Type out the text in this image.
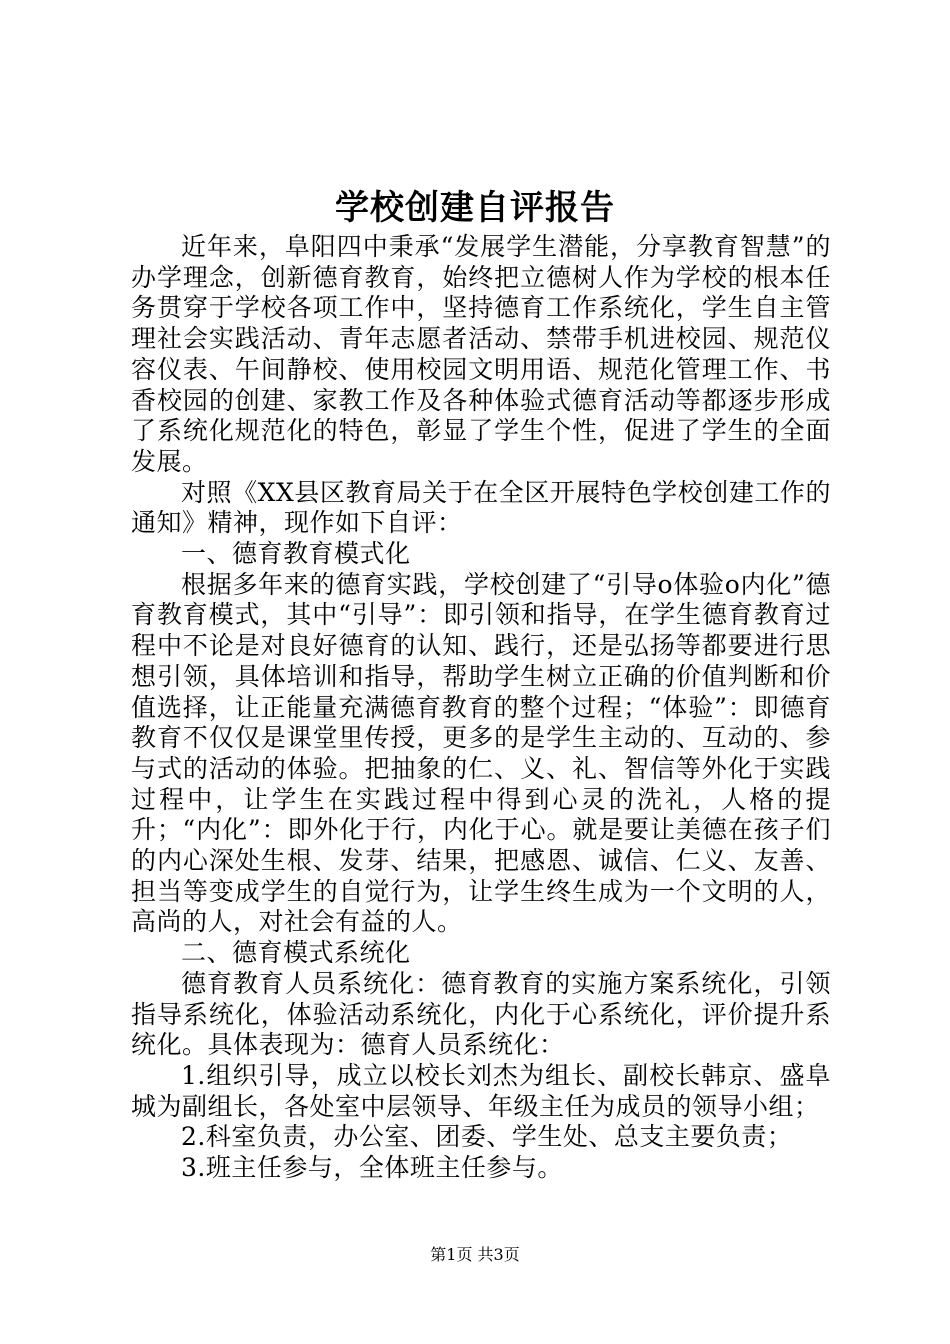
学校创建自评报告

近年来，阜阳四中秉承“发展学生潜能，分享教育智慧”的办学理念，创新德育教育，始终把立德树人作为学校的根本任务贯穿于学校各项工作中，坚持德育工作系统化，学生自主管理社会实践活动、青年志愿者活动、禁带手机进校园、规范仪容仪表、午间静校、使用校园文明用语、规范化管理工作、书香校园的创建、家教工作及各种体验式德育活动等都逐步形成了系统化规范化的特色，彰显了学生个性，促进了学生的全面发展。

对照《XX县区教育局关于在全区开展特色学校创建工作的通知》精神，现作如下自评：

一、德育教育模式化

根据多年来的德育实践，学校创建了“引导ο体验ο内化”德育教育模式，其中“引导”：即引领和指导，在学生德育教育过程中不论是对良好德育的认知、践行，还是弘扬等都要进行思想引领，具体培训和指导，帮助学生树立正确的价值判断和价值选择，让正能量充满德育教育的整个过程；“体验”：即德育教育不仅仅是课堂里传授，更多的是学生主动的、互动的、参与式的活动的体验。把抽象的仁、义、礼、智信等外化于实践过程中，让学生在实践过程中得到心灵的洗礼，人格的提升；“内化”：即外化于行，内化于心。就是要让美德在孩子们的内心深处生根、发芽、结果，把感恩、诚信、仁义、友善、担当等变成学生的自觉行为，让学生终生成为一个文明的人，高尚的人，对社会有益的人。

二、德育模式系统化

德育教育人员系统化：德育教育的实施方案系统化，引领指导系统化，体验活动系统化，内化于心系统化，评价提升系统化。具体表现为：德育人员系统化：

1.组织引导，成立以校长刘杰为组长、副校长韩京、盛阜城为副组长，各处室中层领导、年级主任为成员的领导小组；

2.科室负责，办公室、团委、学生处、总支主要负责；

3.班主任参与，全体班主任参与。

第1页 共3页
